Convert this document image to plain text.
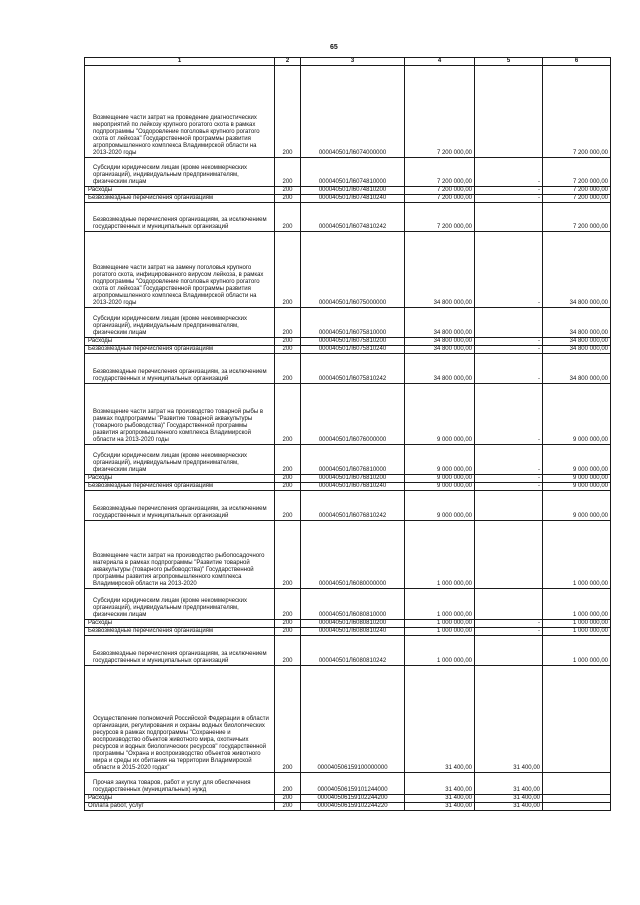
65
1	2	3	4	5	6
Возмещение части затрат на проведение диагностических мероприятий по лейкозу крупного рогатого скота в рамках подпрограммы "Оздоровление поголовья крупного рогатого скота от лейкоза" Государственной программы развития агропромышленного комплекса Владимирской области на 2013-2020 годы	200	000040501Л6074000000	7 200 000,00		7 200 000,00
Субсидии юридическим лицам (кроме некоммерческих организаций), индивидуальным предпринимателям, физическим лицам	200	000040501Л6074810000	7 200 000,00	-	7 200 000,00
Расходы	200	000040501Л6074810200	7 200 000,00	-	7 200 000,00
Безвозмездные перечисления организациям	200	000040501Л6074810240	7 200 000,00	-	7 200 000,00
Безвозмездные перечисления организациям, за исключением государственных и муниципальных организаций	200	000040501Л6074810242	7 200 000,00		7 200 000,00
Возмещение части затрат на замену поголовья крупного рогатого скота, инфицированного вирусом лейкоза, в рамках подпрограммы "Оздоровление поголовья крупного рогатого скота от лейкоза" Государственной программы развития агропромышленного комплекса Владимирской области на 2013-2020 годы	200	000040501Л6075000000	34 800 000,00	-	34 800 000,00
Субсидии юридическим лицам (кроме некоммерческих организаций), индивидуальным предпринимателям, физическим лицам	200	000040501Л6075810000	34 800 000,00		34 800 000,00
Расходы	200	000040501Л6075810200	34 800 000,00	-	34 800 000,00
Безвозмездные перечисления организациям	200	000040501Л6075810240	34 800 000,00	-	34 800 000,00
Безвозмездные перечисления организациям, за исключением государственных и муниципальных организаций	200	000040501Л6075810242	34 800 000,00	-	34 800 000,00
Возмещение части затрат на производство товарной рыбы в рамках подпрограммы "Развитие товарной аквакультуры (товарного рыбоводства)" Государственной программы развития агропромышленного комплекса Владимирской области на 2013-2020 годы	200	000040501Л6076000000	9 000 000,00	-	9 000 000,00
Субсидии юридическим лицам (кроме некоммерческих организаций), индивидуальным предпринимателям, физическим лицам	200	000040501Л6076810000	9 000 000,00	-	9 000 000,00
Расходы	200	000040501Л6076810200	9 000 000,00	-	9 000 000,00
Безвозмездные перечисления организациям	200	000040501Л6076810240	9 000 000,00	-	9 000 000,00
Безвозмездные перечисления организациям, за исключением государственных и муниципальных организаций	200	000040501Л6076810242	9 000 000,00		9 000 000,00
Возмещение части затрат на производство рыбопосадочного материала в рамках подпрограммы "Развитие товарной аквакультуры (товарного рыбоводства)" Государственной программы развития агропромышленного комплекса Владимирской области на 2013-2020	200	000040501Л6080000000	1 000 000,00		1 000 000,00
Субсидии юридическим лицам (кроме некоммерческих организаций), индивидуальным предпринимателям, физическим лицам	200	000040501Л6080810000	1 000 000,00		1 000 000,00
Расходы	200	000040501Л6080810200	1 000 000,00	-	1 000 000,00
Безвозмездные перечисления организациям	200	000040501Л6080810240	1 000 000,00	-	1 000 000,00
Безвозмездные перечисления организациям, за исключением государственных и муниципальных организаций	200	000040501Л6080810242	1 000 000,00		1 000 000,00
Осуществление полномочий Российской Федерации в области организации, регулирования и охраны водных биологических ресурсов в рамках подпрограммы "Сохранение и воспроизводство объектов животного мира, охотничьих ресурсов и водных биологических ресурсов" государственной программы "Охрана и воспроизводство объектов животного мира и среды их обитания на территории Владимирской области в 2015-2020 годах"	200	000040506159100000000	31 400,00	31 400,00	
Прочая закупка товаров, работ и услуг для обеспечения государственных (муниципальных) нужд	200	000040506159101244000	31 400,00	31 400,00	
Расходы	200	000040506159102244200	31 400,00	31 400,00	
Оплата работ, услуг	200	000040506159102244220	31 400,00	31 400,00	
